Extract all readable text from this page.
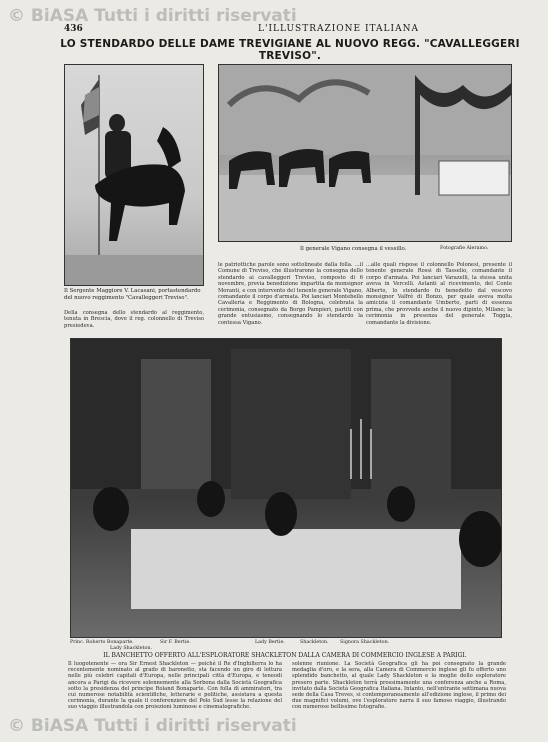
© BiASA Tutti i diritti riservati
436	L'ILLUSTRAZIONE ITALIANA
LO STENDARDO DELLE DAME TREVIGIANE AL NUOVO REGG. "CAVALLEGGERI TREVISO".
Il Sergente Maggiore V. Lacasani, portastendardo del nuovo reggimento "Cavalleggeri Treviso".
Il generale Vigano consegna il vessillo.	Fotografie Aleramo.
Della consegna dello stendardo al reggimento, tenuta in Brescia, dove il reg. colonnello di Treviso presiedeva.
le patriottiche parole sono sottolineate dalla folla. ...il Comune di Treviso, che illustrarono la consegna dello stendardo ai cavalleggeri Treviso, composto di 6 novembre, previa benedizione impartita da monsignor Moranti, e con intervento del tenente generale Vigano, comandante il corpo d'armata. Poi lanciari Montebello Cavalleria e Reggimento di Bologna, celebrata la cerimonia, consegnato da Borgo Pampieri, partiti con grande entusiasmo, consegnando lo stendardo la contessa Vigano.
...alle quali rispose il colonnello Polonesi, presente il tenente generale Rossi di Tasselio, comandante il corpo d'armata. Poi lanciari Varazelli, la stessa unita aveva in Vercelli. Astanti al ricevimento, del Conte Alberto, lo stendardo fu benedetto dal vescovo monsignor Valfrè di Bonzo, per quale aveva molta amicizia il comandante Umberto, parti di essenza prima, che provvede anche il nuovo dipinto, Milano; la cerimonia in presenza del generale Toggia, comandante la divisione.
Princ. Roberto Bonaparte.	Sir F. Bertie.	Lady Bertie.	Shackleton. Signora Shackleton.
Lady Shackleton.
IL BANCHETTO OFFERTO ALL'ESPLORATORE SHACKLETON DALLA CAMERA DI COMMERCIO INGLESE A PARIGI.
Il luogotenente — ora Sir Ernest Shackleton — poiché il Re d'Inghilterra lo ha recentemente nominato al grado di baronetto, sta facendo un giro di lettura nelle più celebri capitali d'Europa, nelle principali città d'Europa, e teneodi ancora a Parigi da ricevere solennemente alla Sorbona dalla Società Geografica sotto la presidenza del principe Roland Bonaparte. Con folla di ammiratori, tra cui numerose notabilità scientifiche, letterarie e politiche, assistava a questa cerimonia, durante la quale il conferenziere del Polo Sud lesse la relazione del suo viaggio illustrandola con proiezioni luminose e cinematografiche.
solenne riunione. La Società Geografica gli ha poi consegnato la grande medaglia d'oro, e la sera, alla Camera di Commercio inglese gli fu offerto uno splendido banchetto, al quale Lady Shackleton e la moglie dello esploratore presero parte. Shackleton terrà prossimamente una conferenza anche a Roma, invitato dalla Società Geografica Italiana. Intanto, nell'entrante settimana nuova sede della Casa Treves, si contemporaneamente all'edizione inglese, il primo dei due magnifici volumi, ove l'esploratore narra il suo famoso viaggio, illustrando con numerose bellissime fotografie.
© BiASA Tutti i diritti riservati
